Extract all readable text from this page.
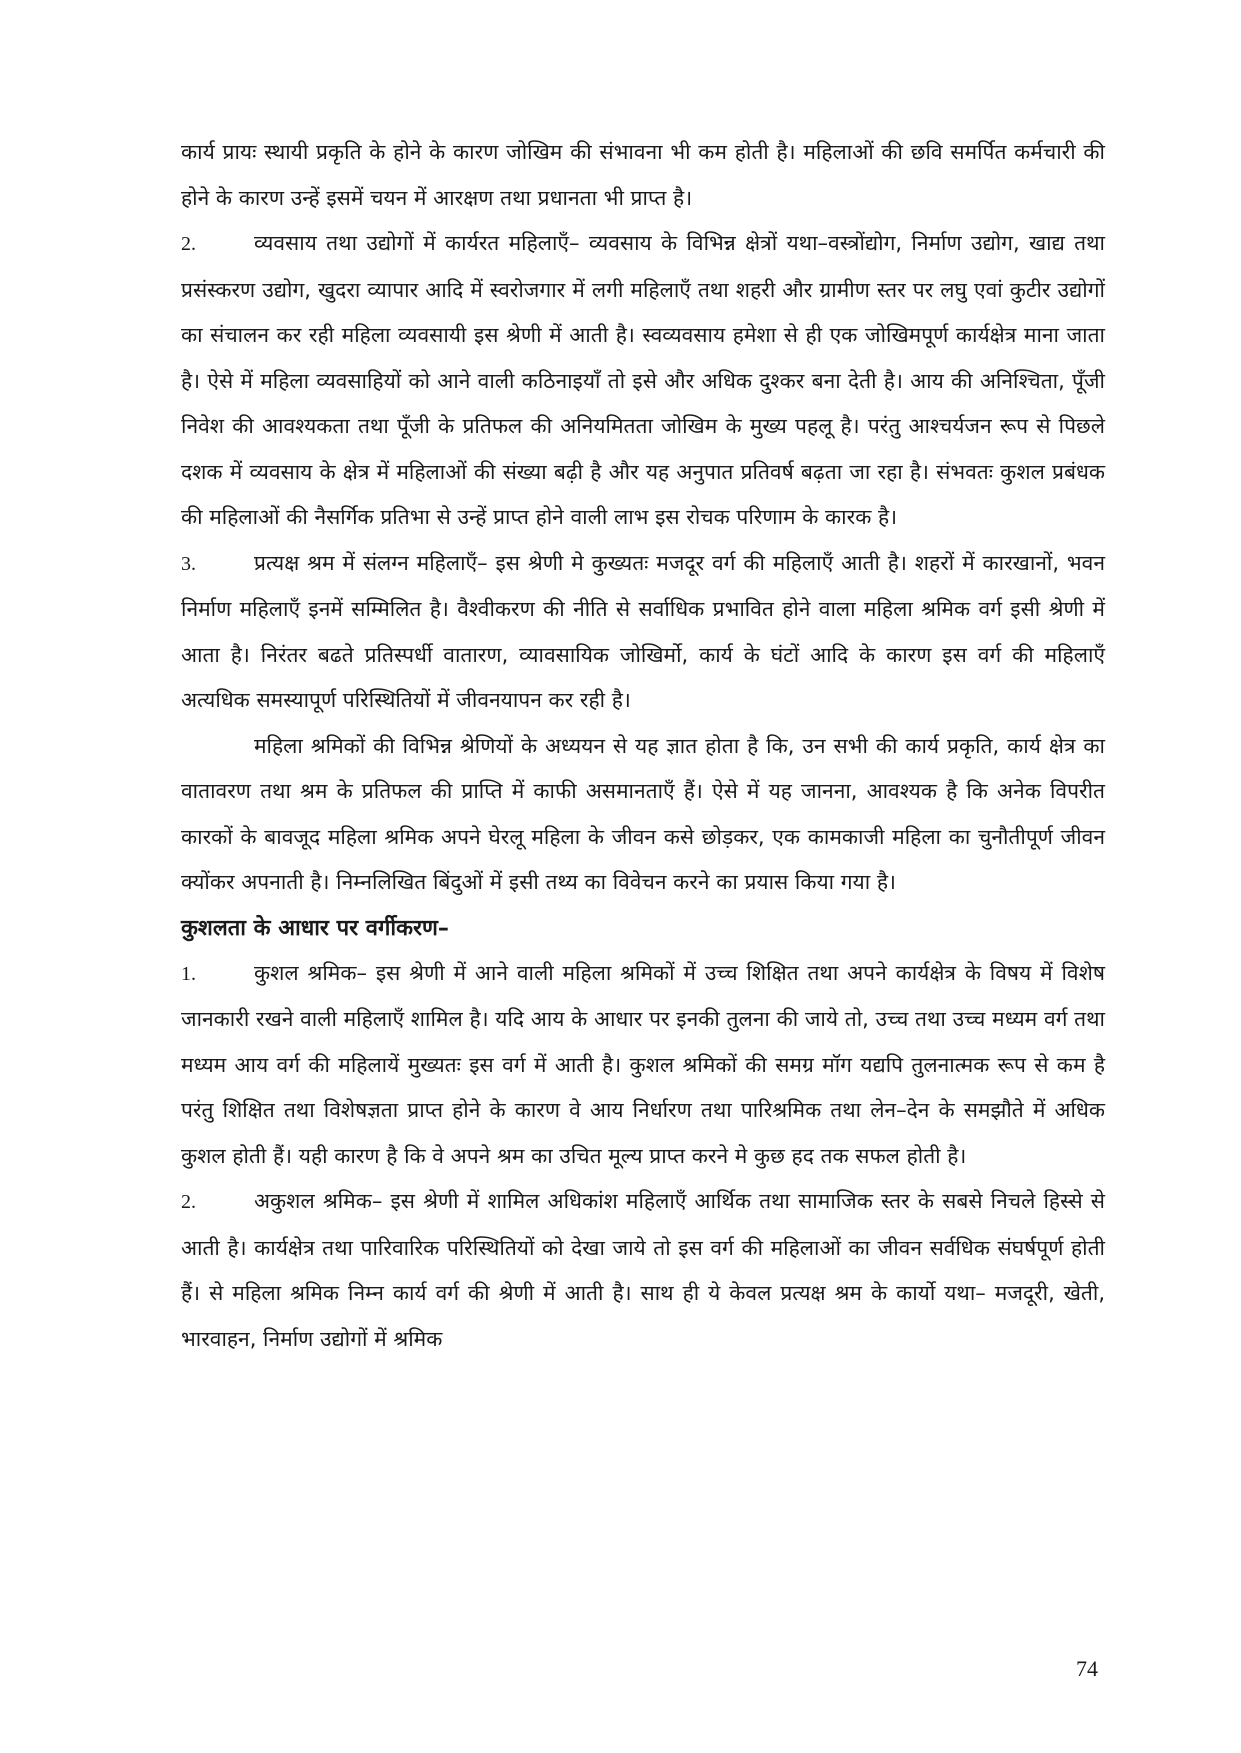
कार्य प्रायः स्थायी प्रकृति के होने के कारण जोखिम की संभावना भी कम होती है। महिलाओं की छवि समर्पित कर्मचारी की होने के कारण उन्हें इसमें चयन में आरक्षण तथा प्रधानता भी प्राप्त है।

2.	व्यवसाय तथा उद्योगों में कार्यरत महिलाएँ– व्यवसाय के विभिन्न क्षेत्रों यथा–वस्त्रोंद्योग, निर्माण उद्योग, खाद्य तथा प्रसंस्करण उद्योग, खुदरा व्यापार आदि में स्वरोजगार में लगी महिलाएँ तथा शहरी और ग्रामीण स्तर पर लघु एवां कुटीर उद्योगों का संचालन कर रही महिला व्यवसायी इस श्रेणी में आती है। स्वव्यवसाय हमेशा से ही एक जोखिमपूर्ण कार्यक्षेत्र माना जाता है। ऐसे में महिला व्यवसाहियों को आने वाली कठिनाइयॉं तो इसे और अधिक दुश्कर बना देती है। आय की अनिश्चिता, पूॅंजी निवेश की आवश्यकता तथा पूॅंजी के प्रतिफल की अनियमितता जोखिम के मुख्य पहलू है। परंतु आश्चर्यजन रूप से पिछले दशक में व्यवसाय के क्षेत्र में महिलाओं की संख्या बढ़ी है और यह अनुपात प्रतिवर्ष बढ़ता जा रहा है। संभवतः कुशल प्रबंधक की महिलाओं की नैसर्गिक प्रतिभा से उन्हें प्राप्त होने वाली लाभ इस रोचक परिणाम के कारक है।

3.	प्रत्यक्ष श्रम में संलग्न महिलाएँ– इस श्रेणी मे कुख्यतः मजदूर वर्ग की महिलाएँ आती है। शहरों में कारखानों, भवन निर्माण महिलाएँ इनमें सम्मिलित है। वैश्वीकरण की नीति से सर्वाधिक प्रभावित होने वाला महिला श्रमिक वर्ग इसी श्रेणी में आता है। निरंतर बढते प्रतिस्पर्धी वातारण, व्यावसायिक जोखिर्मो, कार्य के घंटों आदि के कारण इस वर्ग की महिलाएँ अत्यधिक समस्यापूर्ण परिस्थितियों में जीवनयापन कर रही है।

महिला श्रमिकों की विभिन्न श्रेणियों के अध्ययन से यह ज्ञात होता है कि, उन सभी की कार्य प्रकृति, कार्य क्षेत्र का वातावरण तथा श्रम के प्रतिफल की प्राप्ति में काफी असमानताएँ हैं। ऐसे में यह जानना, आवश्यक है कि अनेक विपरीत कारकों के बावजूद महिला श्रमिक अपने घेरलू महिला के जीवन कसे छोड़कर, एक कामकाजी महिला का चुनौतीपूर्ण जीवन क्योंकर अपनाती है। निम्नलिखित बिंदुओं में इसी तथ्य का विवेचन करने का प्रयास किया गया है।

कुशलता के आधार पर वर्गीकरण–

1.	कुशल श्रमिक– इस श्रेणी में आने वाली महिला श्रमिकों में उच्च शिक्षित तथा अपने कार्यक्षेत्र के विषय में विशेष जानकारी रखने वाली महिलाएँ शामिल है। यदि आय के आधार पर इनकी तुलना की जाये तो, उच्च तथा उच्च मध्यम वर्ग तथा मध्यम आय वर्ग की महिलायें मुख्यतः इस वर्ग में आती है। कुशल श्रमिकों की समग्र मॉग यद्यपि तुलनात्मक रूप से कम है परंतु शिक्षित तथा विशेषज्ञता प्राप्त होने के कारण वे आय निर्धारण तथा पारिश्रमिक तथा लेन–देन के समझौते में अधिक कुशल होती हैं। यही कारण है कि वे अपने श्रम का उचित मूल्य प्राप्त करने मे कुछ हद तक सफल होती है।

2.	अकुशल श्रमिक– इस श्रेणी में शामिल अधिकांश महिलाएँ आर्थिक तथा सामाजिक स्तर के सबसे निचले हिस्से से आती है। कार्यक्षेत्र तथा पारिवारिक परिस्थितियों को देखा जाये तो इस वर्ग की महिलाओं का जीवन सर्वधिक संघर्षपूर्ण होती हैं। से महिला श्रमिक निम्न कार्य वर्ग की श्रेणी में आती है। साथ ही ये केवल प्रत्यक्ष श्रम के कार्यो यथा– मजदूरी, खेती, भारवाहन, निर्माण उद्योगों में श्रमिक

74
